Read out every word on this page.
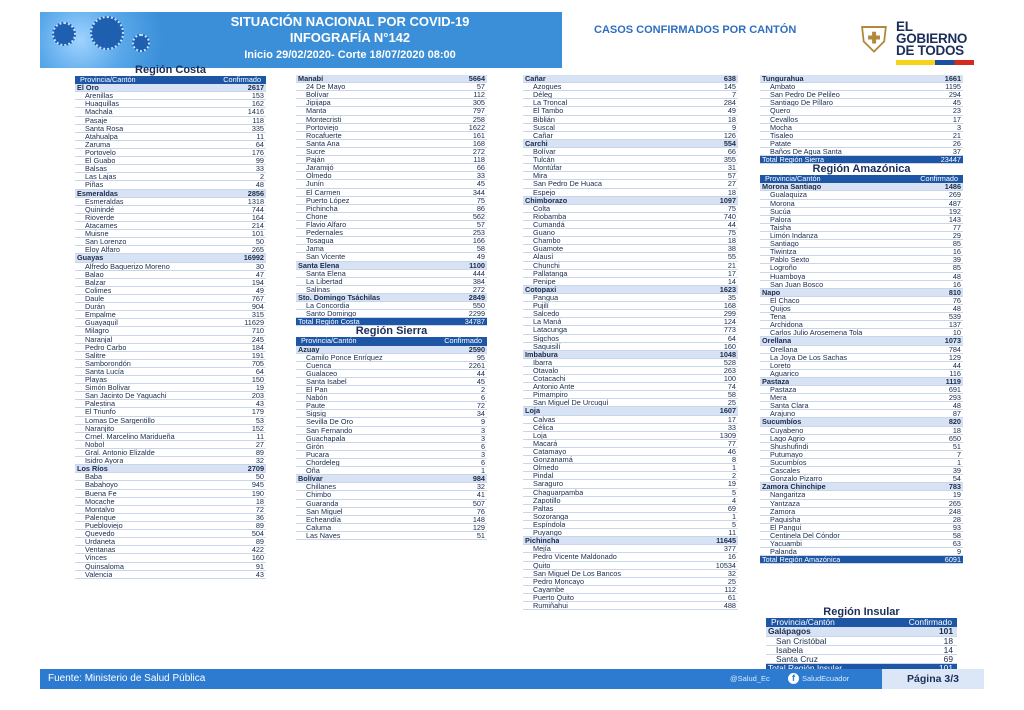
SITUACIÓN NACIONAL POR COVID-19
INFOGRAFÍA N°142
Inicio 29/02/2020- Corte 18/07/2020 08:00
CASOS CONFIRMADOS POR CANTÓN ⛨ EL
GOBIERNO
DE TODOS
Región Costa
Provincia/Cantón	Confirmado
El Oro	2617
Arenillas	153
Huaquillas	162
Machala	1416
Pasaje	118
Santa Rosa	335
Atahualpa	11
Zaruma	64
Portovelo	176
El Guabo	99
Balsas	33
Las Lajas	2
Piñas	48
Esmeraldas	2856
Esmeraldas	1318
Quinindé	744
Rioverde	164
Atacames	214
Muisne	101
San Lorenzo	50
Eloy Alfaro	265
Guayas	16992
Alfredo Baquerizo Moreno	30
Balao	47
Balzar	194
Colimes	49
Daule	767
Durán	904
Empalme	315
Guayaquil	11629
Milagro	710
Naranjal	245
Pedro Carbo	184
Salitre	191
Samborondón	705
Santa Lucía	64
Playas	150
Simón Bolívar	19
San Jacinto De Yaguachi	203
Palestina	43
El Triunfo	179
Lomas De Sargentillo	53
Naranjito	152
Crnel. Marcelino Maridueña	11
Nobol	27
Gral. Antonio Elizalde	89
Isidro Ayora	32
Los Ríos	2709
Baba	50
Babahoyo	945
Buena Fe	190
Mocache	18
Montalvo	72
Palenque	36
Puebloviejo	89
Quevedo	504
Urdaneta	89
Ventanas	422
Vinces	160
Quinsaloma	91
Valencia	43
Manabí	5664
24 De Mayo	57
Bolívar	112
Jipijapa	305
Manta	797
Montecristi	258
Portoviejo	1622
Rocafuerte	161
Santa Ana	168
Sucre	272
Paján	118
Jaramijó	66
Olmedo	33
Junín	45
El Carmen	344
Puerto López	75
Pichincha	86
Chone	562
Flavio Alfaro	57
Pedernales	253
Tosagua	166
Jama	58
San Vicente	49
Santa Elena	1100
Santa Elena	444
La Libertad	384
Salinas	272
Sto. Domingo Tsáchilas	2849
La Concordia	550
Santo Domingo	2299
Total Región Costa	34787
Región Sierra
Provincia/Cantón	Confirmado
Azuay	2590
Camilo Ponce Enríquez	95
Cuenca	2261
Gualaceo	44
Santa Isabel	45
El Pan	2
Nabón	6
Paute	72
Sigsig	34
Sevilla De Oro	9
San Fernando	3
Guachapala	3
Girón	6
Pucara	3
Chordeleg	6
Oña	1
Bolívar	984
Chillanes	32
Chimbo	41
Guaranda	507
San Miguel	76
Echeandía	148
Caluma	129
Las Naves	51
Cañar	638
Azogues	145
Déleg	7
La Troncal	284
El Tambo	49
Biblián	18
Suscal	9
Cañar	126
Carchi	554
Bolívar	66
Tulcán	355
Montúfar	31
Mira	57
San Pedro De Huaca	27
Espejo	18
Chimborazo	1097
Colta	75
Riobamba	740
Cumandá	44
Guano	75
Chambo	18
Guamote	38
Alausí	55
Chunchi	21
Pallatanga	17
Penipe	14
Cotopaxi	1623
Pangua	35
Pujilí	168
Salcedo	299
La Maná	124
Latacunga	773
Sigchos	64
Saquisilí	160
Imbabura	1048
Ibarra	528
Otavalo	263
Cotacachi	100
Antonio Ante	74
Pimampiro	58
San Miguel De Urcuquí	25
Loja	1607
Calvas	17
Célica	33
Loja	1309
Macará	77
Catamayo	46
Gonzanamá	8
Olmedo	1
Pindal	2
Saraguro	19
Chaguarpamba	5
Zapotillo	4
Paltas	69
Sozoranga	1
Espíndola	5
Puyango	11
Pichincha	11645
Mejía	377
Pedro Vicente Maldonado	16
Quito	10534
San Miguel De Los Bancos	32
Pedro Moncayo	25
Cayambe	112
Puerto Quito	61
Rumiñahui	488
Tungurahua	1661
Ambato	1195
San Pedro De Pelileo	294
Santiago De Píllaro	45
Quero	23
Cevallos	17
Mocha	3
Tisaleo	21
Patate	26
Baños De Agua Santa	37
Total Región Sierra	23447
Región Amazónica
Provincia/Cantón	Confirmado
Morona Santiago	1486
Gualaquiza	269
Morona	487
Sucúa	192
Palora	143
Taisha	77
Limón Indanza	29
Santiago	85
Tiwintza	16
Pablo Sexto	39
Logroño	85
Huamboya	48
San Juan Bosco	16
Napo	810
El Chaco	76
Quijos	48
Tena	539
Archidona	137
Carlos Julio Arosemena Tola	10
Orellana	1073
Orellana	784
La Joya De Los Sachas	129
Loreto	44
Aguarico	116
Pastaza	1119
Pastaza	691
Mera	293
Santa Clara	48
Arajuno	87
Sucumbíos	820
Cuyabeno	18
Lago Agrio	650
Shushufindi	51
Putumayo	7
Sucumbíos	1
Cascales	39
Gonzalo Pizarro	54
Zamora Chinchipe	783
Nangaritza	19
Yantzaza	265
Zamora	248
Paquisha	28
El Pangui	93
Centinela Del Cóndor	58
Yacuambi	63
Palanda	9
Total Región Amazónica	6091
Región Insular
Provincia/Cantón	Confirmado
Galápagos	101
San Cristóbal	18
Isabela	14
Santa Cruz	69
Fuente: Ministerio de Salud Pública	@Salud_Ec	f SaludEcuador	Página 3/3
